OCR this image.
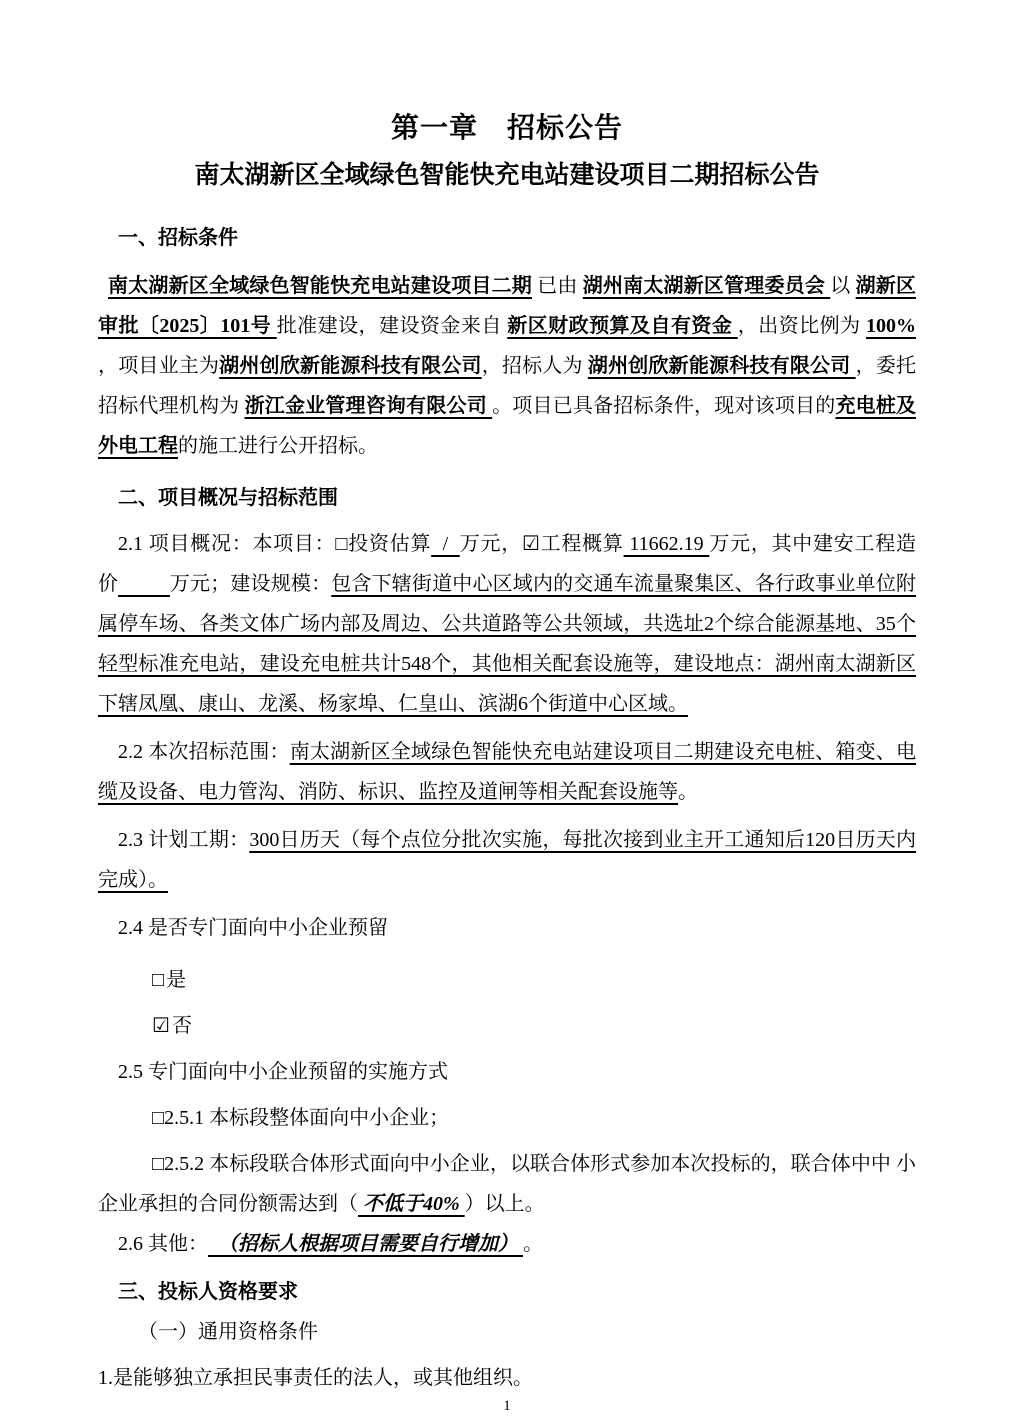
第一章　招标公告
南太湖新区全域绿色智能快充电站建设项目二期招标公告

一、招标条件

南太湖新区全域绿色智能快充电站建设项目二期 已由 湖州南太湖新区管理委员会 以 湖新区审批〔2025〕101号 批准建设，建设资金来自 新区财政预算及自有资金 ，出资比例为 100% ，项目业主为湖州创欣新能源科技有限公司，招标人为 湖州创欣新能源科技有限公司 ，委托招标代理机构为 浙江金业管理咨询有限公司 。项目已具备招标条件，现对该项目的充电桩及外电工程的施工进行公开招标。

二、项目概况与招标范围

2.1 项目概况：本项目：□投资估算  /  万元，☑工程概算 11662.19 万元，其中建安工程造价	万元；建设规模：包含下辖街道中心区域内的交通车流量聚集区、各行政事业单位附属停车场、各类文体广场内部及周边、公共道路等公共领域，共选址2个综合能源基地、35个轻型标准充电站，建设充电桩共计548个，其他相关配套设施等，建设地点：湖州南太湖新区下辖凤凰、康山、龙溪、杨家埠、仁皇山、滨湖6个街道中心区域。

2.2 本次招标范围：南太湖新区全域绿色智能快充电站建设项目二期建设充电桩、箱变、电缆及设备、电力管沟、消防、标识、监控及道闸等相关配套设施等。

2.3 计划工期：300日历天（每个点位分批次实施，每批次接到业主开工通知后120日历天内完成）。

2.4 是否专门面向中小企业预留

□ 是

☑ 否

2.5 专门面向中小企业预留的实施方式

□2.5.1 本标段整体面向中小企业；

□2.5.2 本标段联合体形式面向中小企业，以联合体形式参加本次投标的，联合体中中 小企业承担的合同份额需达到（ 不低于40% ）以上。

2.6 其他：  （招标人根据项目需要自行增加） 。

三、投标人资格要求

（一）通用资格条件

1.是能够独立承担民事责任的法人，或其他组织。

1
